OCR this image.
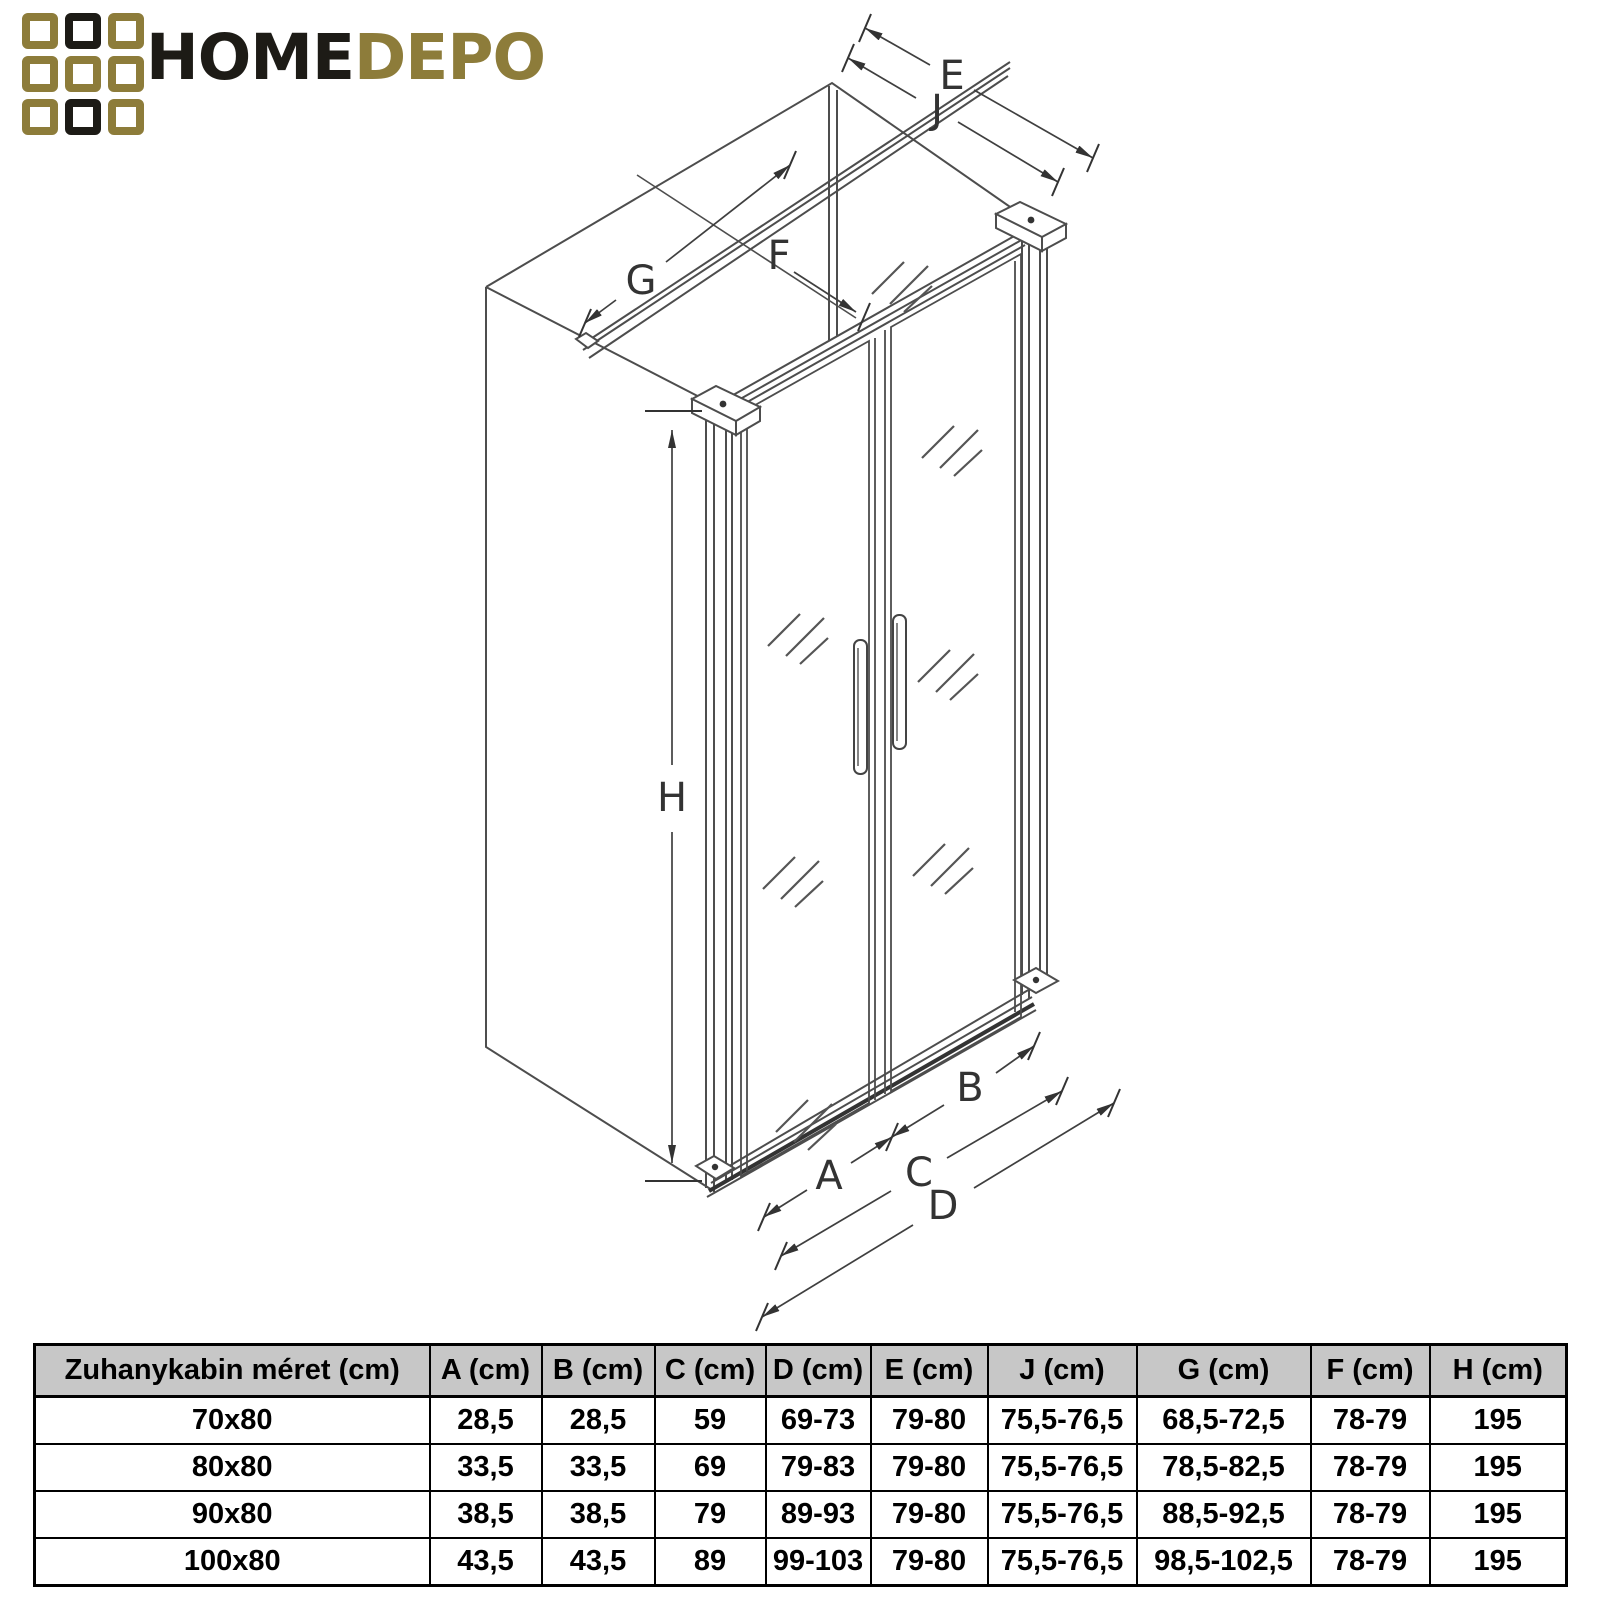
HOMEDEPO	E
J
G
F
H
A
B
C
D
Zuhanykabin méret (cm)	A (cm)	B (cm)	C (cm)	D (cm)	E (cm)	J (cm)	G (cm)	F (cm)	H (cm)
70x80	28,5	28,5	59	69-73	79-80	75,5-76,5	68,5-72,5	78-79	195
80x80	33,5	33,5	69	79-83	79-80	75,5-76,5	78,5-82,5	78-79	195
90x80	38,5	38,5	79	89-93	79-80	75,5-76,5	88,5-92,5	78-79	195
100x80	43,5	43,5	89	99-103	79-80	75,5-76,5	98,5-102,5	78-79	195
